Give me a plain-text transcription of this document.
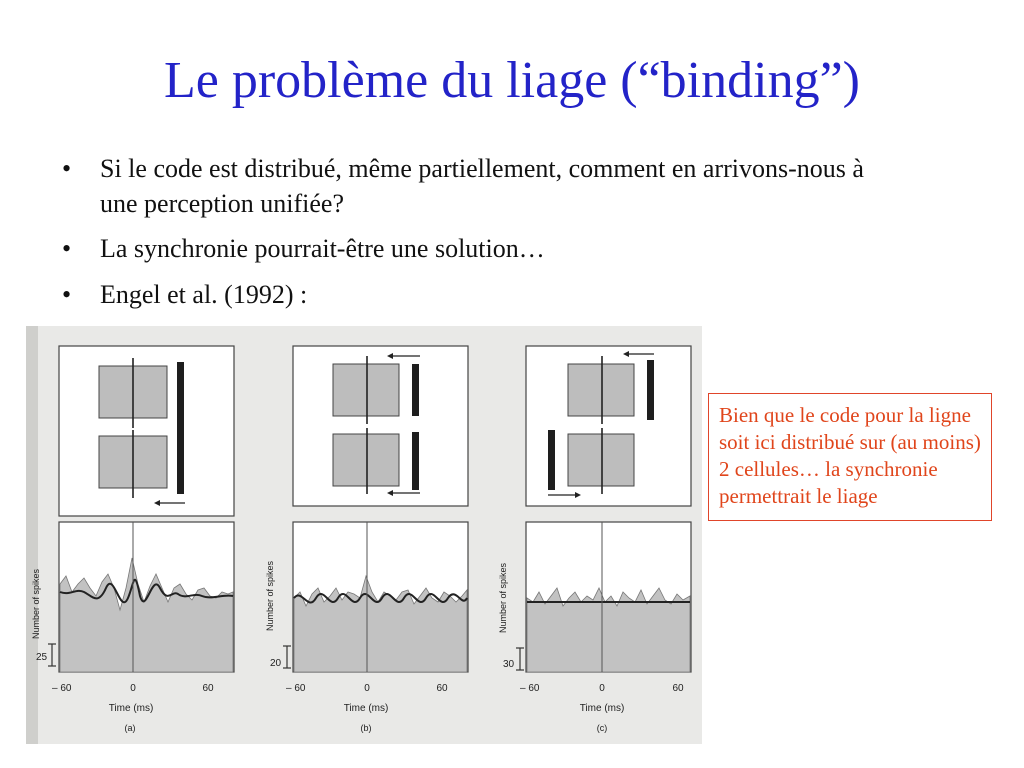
Le problème du liage (“binding”)
• Si le code est distribué, même partiellement, comment en arrivons-nous à une perception unifiée?
• La synchronie pourrait-être une solution…
• Engel et al. (1992) :
Number of spikes
25
– 60	0	60
Time (ms)
(a)
Number of spikes
20
– 60	0	60
Time (ms)
(b)
Number of spikes
30
– 60	0	60
Time (ms)
(c)
Bien que le code pour la ligne soit ici distribué sur (au moins) 2 cellules… la synchronie permettrait le liage
